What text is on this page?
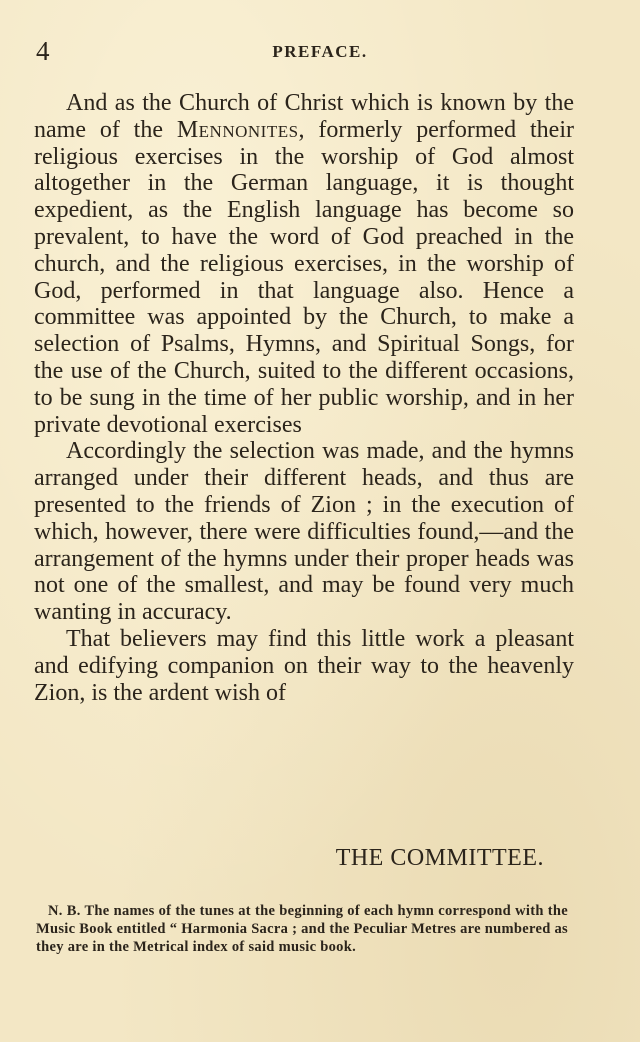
4	PREFACE.

And as the Church of Christ which is known by the name of the Mennonites, formerly performed their religious exercises in the worship of God almost altogether in the German language, it is thought expedient, as the English language has become so prevalent, to have the word of God preached in the church, and the religious exercises, in the worship of God, performed in that language also. Hence a committee was appointed by the Church, to make a selection of Psalms, Hymns, and Spiritual Songs, for the use of the Church, suited to the different occasions, to be sung in the time of her public worship, and in her private devotional exercises

Accordingly the selection was made, and the hymns arranged under their different heads, and thus are presented to the friends of Zion ; in the execution of which, however, there were difficulties found,—and the arrangement of the hymns under their proper heads was not one of the smallest, and may be found very much wanting in accuracy.

That believers may find this little work a pleasant and edifying companion on their way to the heavenly Zion, is the ardent wish of

THE COMMITTEE.

N. B. The names of the tunes at the beginning of each hymn correspond with the Music Book entitled “ Harmonia Sacra ; and the Peculiar Metres are numbered as they are in the Metrical index of said music book.
